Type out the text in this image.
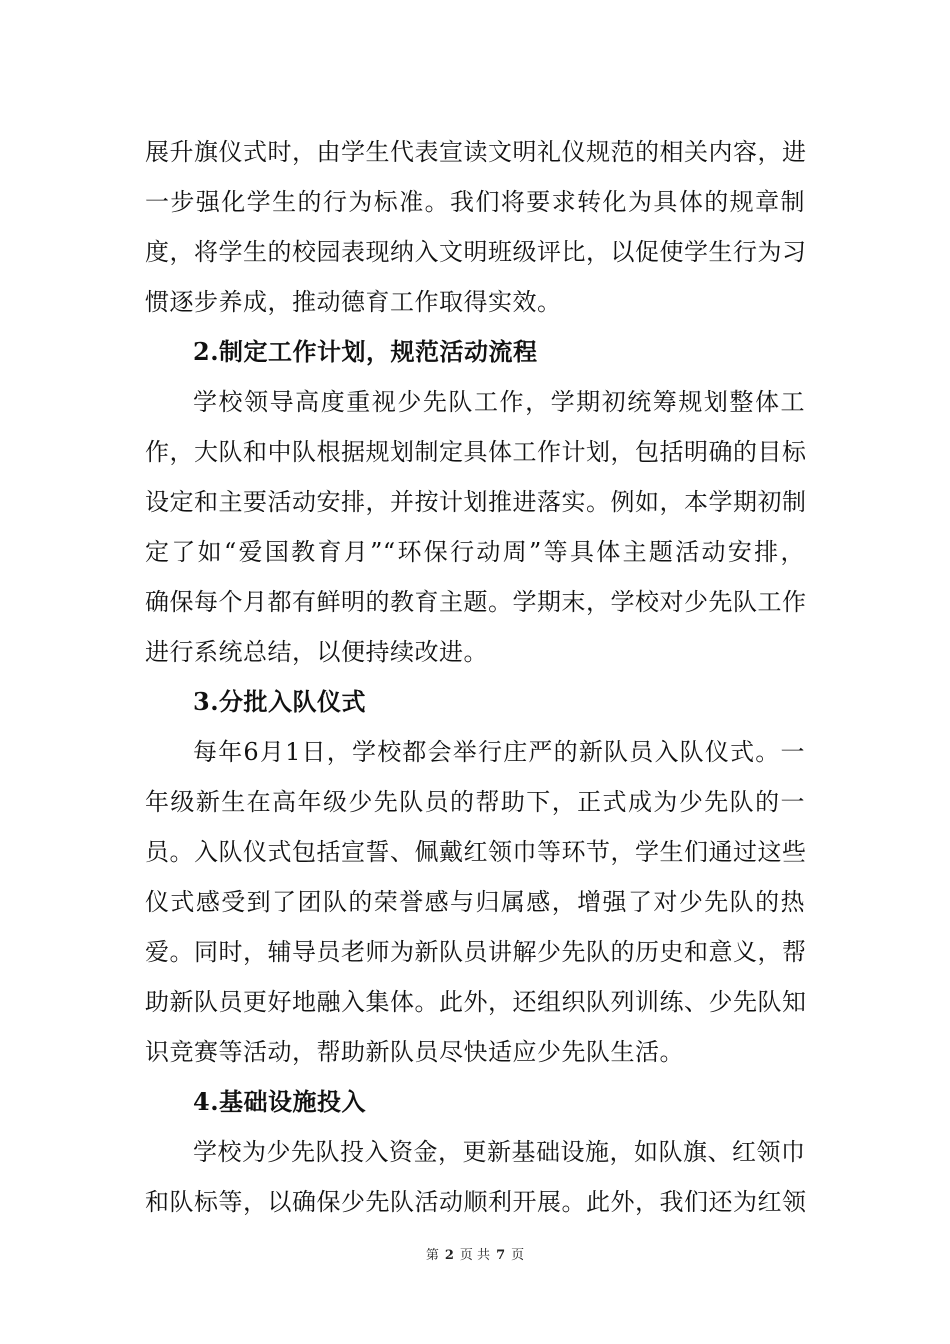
展升旗仪式时，由学生代表宣读文明礼仪规范的相关内容，进
一步强化学生的行为标准。我们将要求转化为具体的规章制
度，将学生的校园表现纳入文明班级评比，以促使学生行为习
惯逐步养成，推动德育工作取得实效。
2.制定工作计划，规范活动流程
学校领导高度重视少先队工作，学期初统筹规划整体工
作，大队和中队根据规划制定具体工作计划，包括明确的目标
设定和主要活动安排，并按计划推进落实。例如，本学期初制
定了如“爱国教育月”“环保行动周”等具体主题活动安排，
确保每个月都有鲜明的教育主题。学期末，学校对少先队工作
进行系统总结，以便持续改进。
3.分批入队仪式
每年6月1日，学校都会举行庄严的新队员入队仪式。一
年级新生在高年级少先队员的帮助下，正式成为少先队的一
员。入队仪式包括宣誓、佩戴红领巾等环节，学生们通过这些
仪式感受到了团队的荣誉感与归属感，增强了对少先队的热
爱。同时，辅导员老师为新队员讲解少先队的历史和意义，帮
助新队员更好地融入集体。此外，还组织队列训练、少先队知
识竞赛等活动，帮助新队员尽快适应少先队生活。
4.基础设施投入
学校为少先队投入资金，更新基础设施，如队旗、红领巾
和队标等，以确保少先队活动顺利开展。此外，我们还为红领
第 2 页 共 7 页
